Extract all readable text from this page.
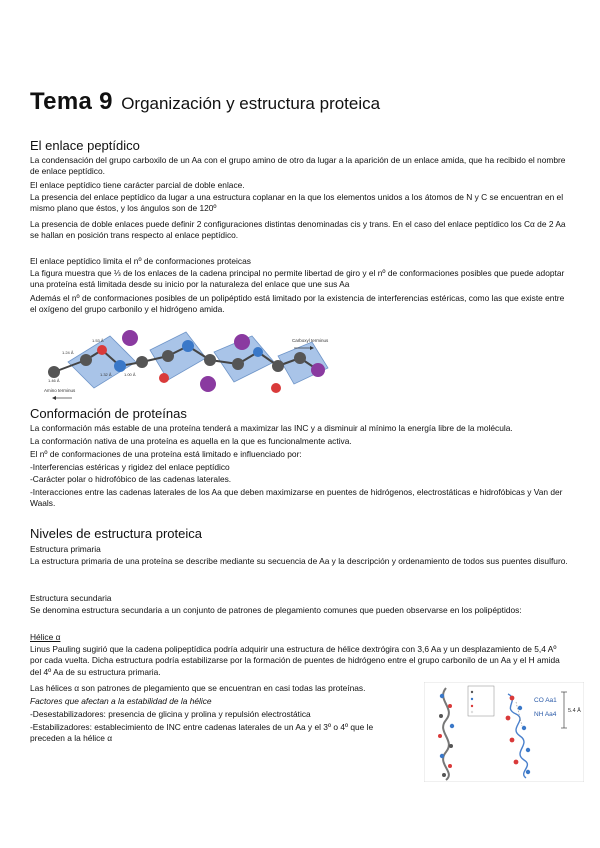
Tema 9 Organización y estructura proteica
El enlace peptídico
La condensación del grupo carboxilo de un Aa con el grupo amino de otro da lugar a la aparición de un enlace amida, que ha recibido el nombre de enlace peptídico.
El enlace peptídico tiene carácter parcial de doble enlace.
La presencia del enlace peptídico da lugar a una estructura coplanar en la que los elementos unidos a los átomos de N y C se encuentran en el mismo plano que éstos, y los ángulos son de 120º
La presencia de doble enlaces puede definir 2 configuraciones distintas denominadas cis y trans. En el caso del enlace peptídico los Cα de 2 Aa se hallan en posición trans respecto al enlace peptídico.
El enlace peptídico limita el nº de conformaciones proteicas
La figura muestra que ⅓ de los enlaces de la cadena principal no permite libertad de giro y el nº de conformaciones posibles que puede adoptar una proteína está limitada desde su inicio por la naturaleza del enlace que une sus Aa
Además el nº de conformaciones posibles de un polipéptido está limitado por la existencia de interferencias estéricas, como las que existe entre el oxígeno del grupo carbonilo y el hidrógeno amida.
1.24 Å
1.46 Å
1.53 Å
1.32 Å	1.00 Å
Carboxyl terminus
Amino terminus
Conformación de proteínas
La conformación más estable de una proteína tenderá a maximizar las INC y a disminuir al mínimo la energía libre de la molécula.
La conformación nativa de una proteína es aquella en la que es funcionalmente activa.
El nº de conformaciones de una proteína está limitado e influenciado por:
-Interferencias estéricas y rigidez del enlace peptídico
-Carácter polar o hidrofóbico de las cadenas laterales.
-Interacciones entre las cadenas laterales de los Aa que deben maximizarse en puentes de hidrógenos, electrostáticas e hidrofóbicas y Van der Waals.
Niveles de estructura proteica
Estructura primaria
La estructura primaria de una proteína se describe mediante su secuencia de Aa y la descripción y ordenamiento de todos sus puentes disulfuro.
Estructura secundaria
Se denomina estructura secundaria a un conjunto de patrones de plegamiento comunes que pueden observarse en los polipéptidos:
Hélice α
Linus Pauling sugirió que la cadena polipeptídica podría adquirir una estructura de hélice dextrógira con 3,6 Aa y un desplazamiento de 5,4 Aº por cada vuelta. Dicha estructura podría estabilizarse por la formación de puentes de hidrógeno entre el grupo carbonilo de un Aa y el H amida del 4º Aa de su estructura primaria.
Las hélices α son patrones de plegamiento que se encuentran en casi todas las proteínas.
Factores que afectan a la estabilidad de la hélice
-Desestabilizadores: presencia de glicina y prolina y repulsión electrostática
-Estabilizadores: establecimiento de INC entre cadenas laterales de un Aa y el 3º o 4º que le preceden a la hélice α
CO Aa1
NH Aa4 5.4 Å
